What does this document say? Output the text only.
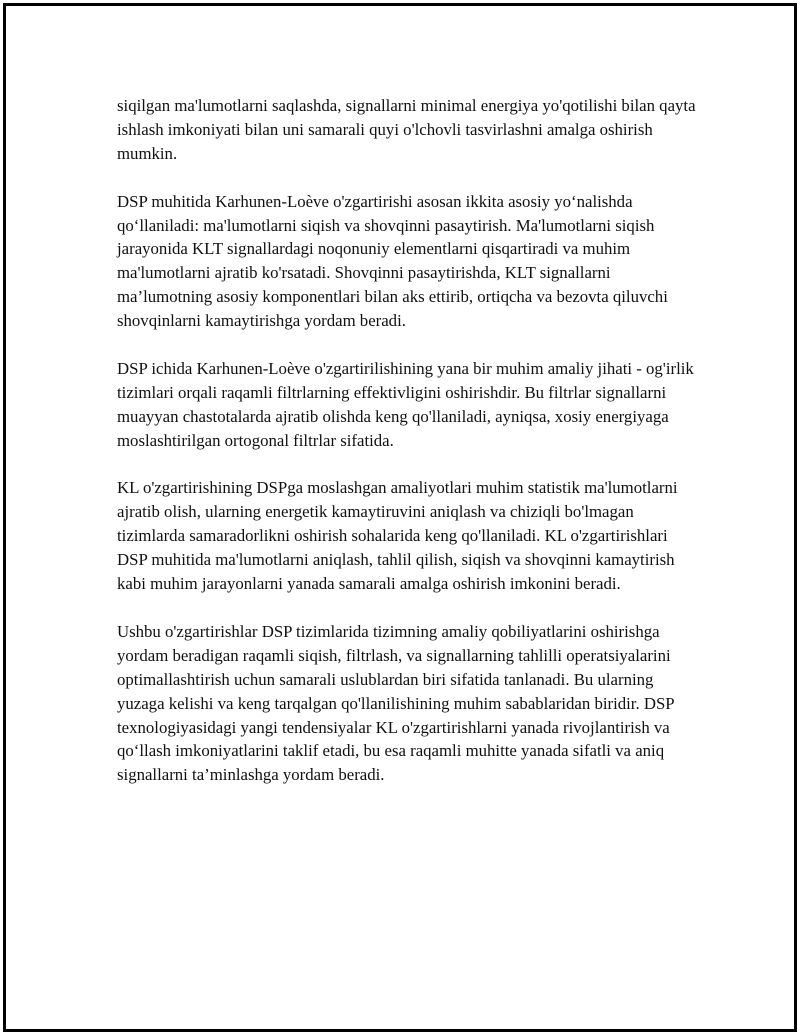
siqilgan ma'lumotlarni saqlashda, signallarni minimal energiya yo'qotilishi bilan qayta ishlash imkoniyati bilan uni samarali quyi o'lchovli tasvirlashni amalga oshirish mumkin.

DSP muhitida Karhunen-Loève o'zgartirishi asosan ikkita asosiy yo‘nalishda qo‘llaniladi: ma'lumotlarni siqish va shovqinni pasaytirish. Ma'lumotlarni siqish jarayonida KLT signallardagi noqonuniy elementlarni qisqartiradi va muhim ma'lumotlarni ajratib ko'rsatadi. Shovqinni pasaytirishda, KLT signallarni ma’lumotning asosiy komponentlari bilan aks ettirib, ortiqcha va bezovta qiluvchi shovqinlarni kamaytirishga yordam beradi.

DSP ichida Karhunen-Loève o'zgartirilishining yana bir muhim amaliy jihati - og'irlik tizimlari orqali raqamli filtrlarning effektivligini oshirishdir. Bu filtrlar signallarni muayyan chastotalarda ajratib olishda keng qo'llaniladi, ayniqsa, xosiy energiyaga moslashtirilgan ortogonal filtrlar sifatida.

KL o'zgartirishining DSPga moslashgan amaliyotlari muhim statistik ma'lumotlarni ajratib olish, ularning energetik kamaytiruvini aniqlash va chiziqli bo'lmagan tizimlarda samaradorlikni oshirish sohalarida keng qo'llaniladi. KL o'zgartirishlari DSP muhitida ma'lumotlarni aniqlash, tahlil qilish, siqish va shovqinni kamaytirish kabi muhim jarayonlarni yanada samarali amalga oshirish imkonini beradi.

Ushbu o'zgartirishlar DSP tizimlarida tizimning amaliy qobiliyatlarini oshirishga yordam beradigan raqamli siqish, filtrlash, va signallarning tahlilli operatsiyalarini optimallashtirish uchun samarali uslublardan biri sifatida tanlanadi. Bu ularning yuzaga kelishi va keng tarqalgan qo'llanilishining muhim sabablaridan biridir. DSP texnologiyasidagi yangi tendensiyalar KL o'zgartirishlarni yanada rivojlantirish va qo‘llash imkoniyatlarini taklif etadi, bu esa raqamli muhitte yanada sifatli va aniq signallarni ta’minlashga yordam beradi.
